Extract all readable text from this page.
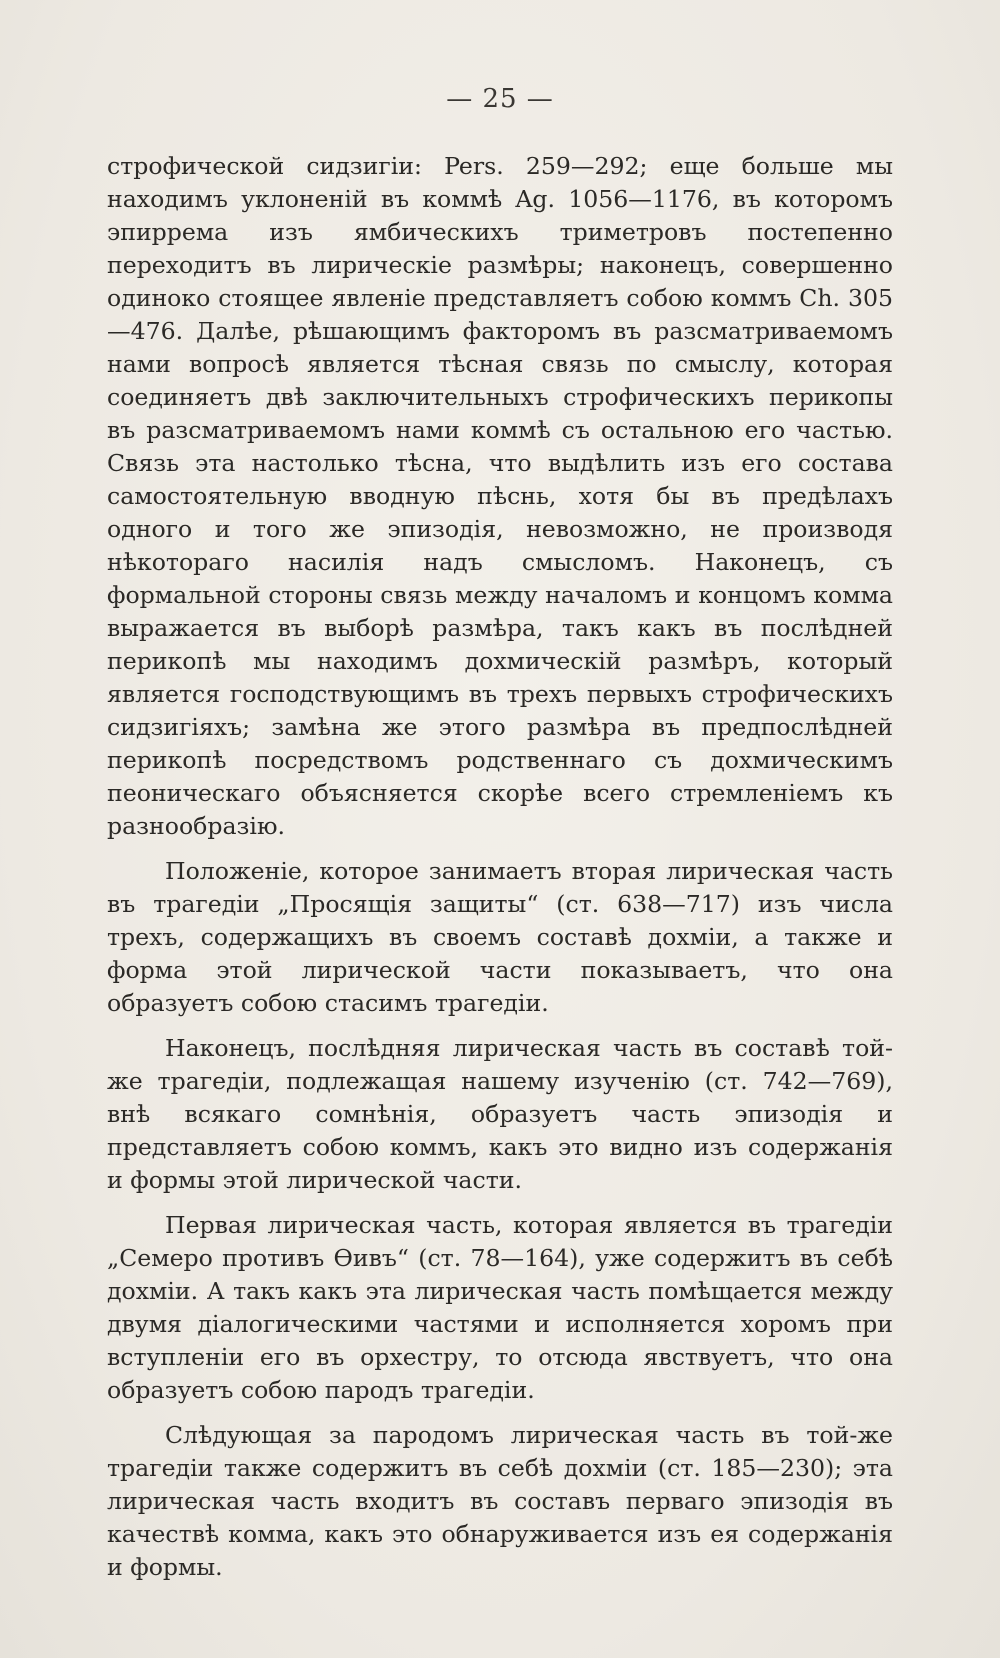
— 25 —

строфической сидзигіи: Pers. 259—292; еще больше мы находимъ уклоненій въ коммѣ Ag. 1056—1176, въ которомъ эпиррема изъ ямбическихъ триметровъ постепенно переходитъ въ лирическіе размѣры; наконецъ, совершенно одиноко стоящее явленіе представляетъ собою коммъ Ch. 305—476. Далѣе, рѣшающимъ факторомъ въ разсматриваемомъ нами вопросѣ является тѣсная связь по смыслу, которая соединяетъ двѣ заключительныхъ строфическихъ перикопы въ разсматриваемомъ нами коммѣ съ остальною его частью. Связь эта настолько тѣсна, что выдѣлить изъ его состава самостоятельную вводную пѣснь, хотя бы въ предѣлахъ одного и того же эпизодія, невозможно, не производя нѣкотораго насилія надъ смысломъ. Наконецъ, съ формальной стороны связь между началомъ и концомъ комма выражается въ выборѣ размѣра, такъ какъ въ послѣдней перикопѣ мы находимъ дохмическій размѣръ, который является господствующимъ въ трехъ первыхъ строфическихъ сидзигіяхъ; замѣна же этого размѣра въ предпослѣдней перикопѣ посредствомъ родственнаго съ дохмическимъ пеоническаго объясняется скорѣе всего стремленіемъ къ разнообразію.

Положеніе, которое занимаетъ вторая лирическая часть въ трагедіи „Просящія защиты“ (ст. 638—717) изъ числа трехъ, содержащихъ въ своемъ составѣ дохміи, а также и форма этой лирической части показываетъ, что она образуетъ собою стасимъ трагедіи.

Наконецъ, послѣдняя лирическая часть въ составѣ той-же трагедіи, подлежащая нашему изученію (ст. 742—769), внѣ всякаго сомнѣнія, образуетъ часть эпизодія и представляетъ собою коммъ, какъ это видно изъ содержанія и формы этой лирической части.

Первая лирическая часть, которая является въ трагедіи „Семеро противъ Ѳивъ“ (ст. 78—164), уже содержитъ въ себѣ дохміи. А такъ какъ эта лирическая часть помѣщается между двумя діалогическими частями и исполняется хоромъ при вступленіи его въ орхестру, то отсюда явствуетъ, что она образуетъ собою пародъ трагедіи.

Слѣдующая за пародомъ лирическая часть въ той-же трагедіи также содержитъ въ себѣ дохміи (ст. 185—230); эта лирическая часть входитъ въ составъ перваго эпизодія въ качествѣ комма, какъ это обнаруживается изъ ея содержанія и формы.
